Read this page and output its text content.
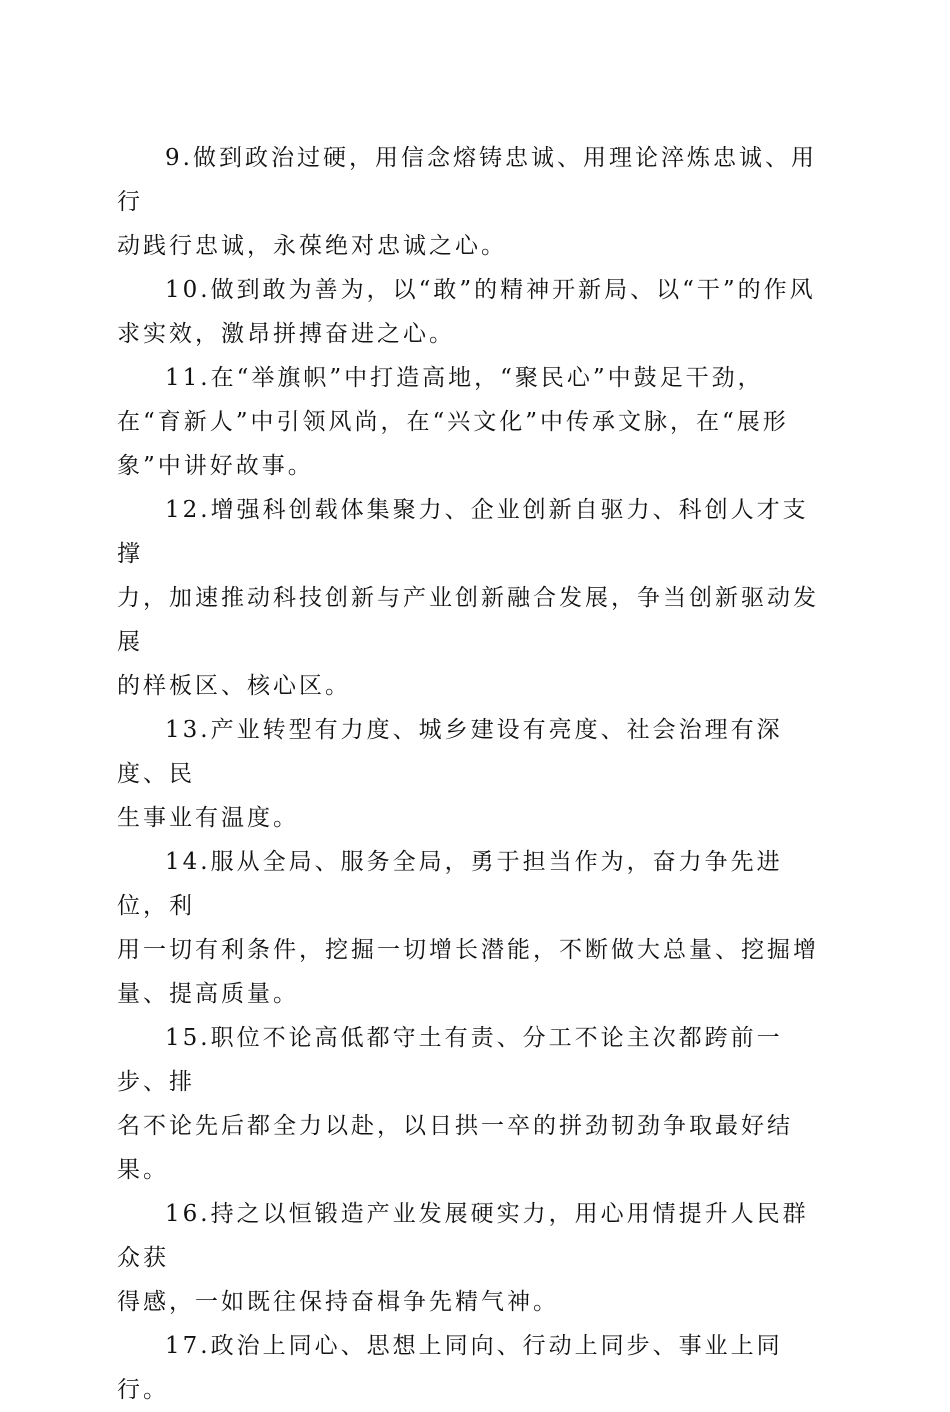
9.做到政治过硬，用信念熔铸忠诚、用理论淬炼忠诚、用行
动践行忠诚，永葆绝对忠诚之心。

10.做到敢为善为，以“敢”的精神开新局、以“干”的作风
求实效，激昂拼搏奋进之心。

11.在“举旗帜”中打造高地，“聚民心”中鼓足干劲，
在“育新人”中引领风尚，在“兴文化”中传承文脉，在“展形
象”中讲好故事。

12.增强科创载体集聚力、企业创新自驱力、科创人才支撑
力，加速推动科技创新与产业创新融合发展，争当创新驱动发展
的样板区、核心区。

13.产业转型有力度、城乡建设有亮度、社会治理有深度、民
生事业有温度。

14.服从全局、服务全局，勇于担当作为，奋力争先进位，利
用一切有利条件，挖掘一切增长潜能，不断做大总量、挖掘增
量、提高质量。

15.职位不论高低都守土有责、分工不论主次都跨前一步、排
名不论先后都全力以赴，以日拱一卒的拼劲韧劲争取最好结果。

16.持之以恒锻造产业发展硬实力，用心用情提升人民群众获
得感，一如既往保持奋楫争先精气神。

17.政治上同心、思想上同向、行动上同步、事业上同行。
